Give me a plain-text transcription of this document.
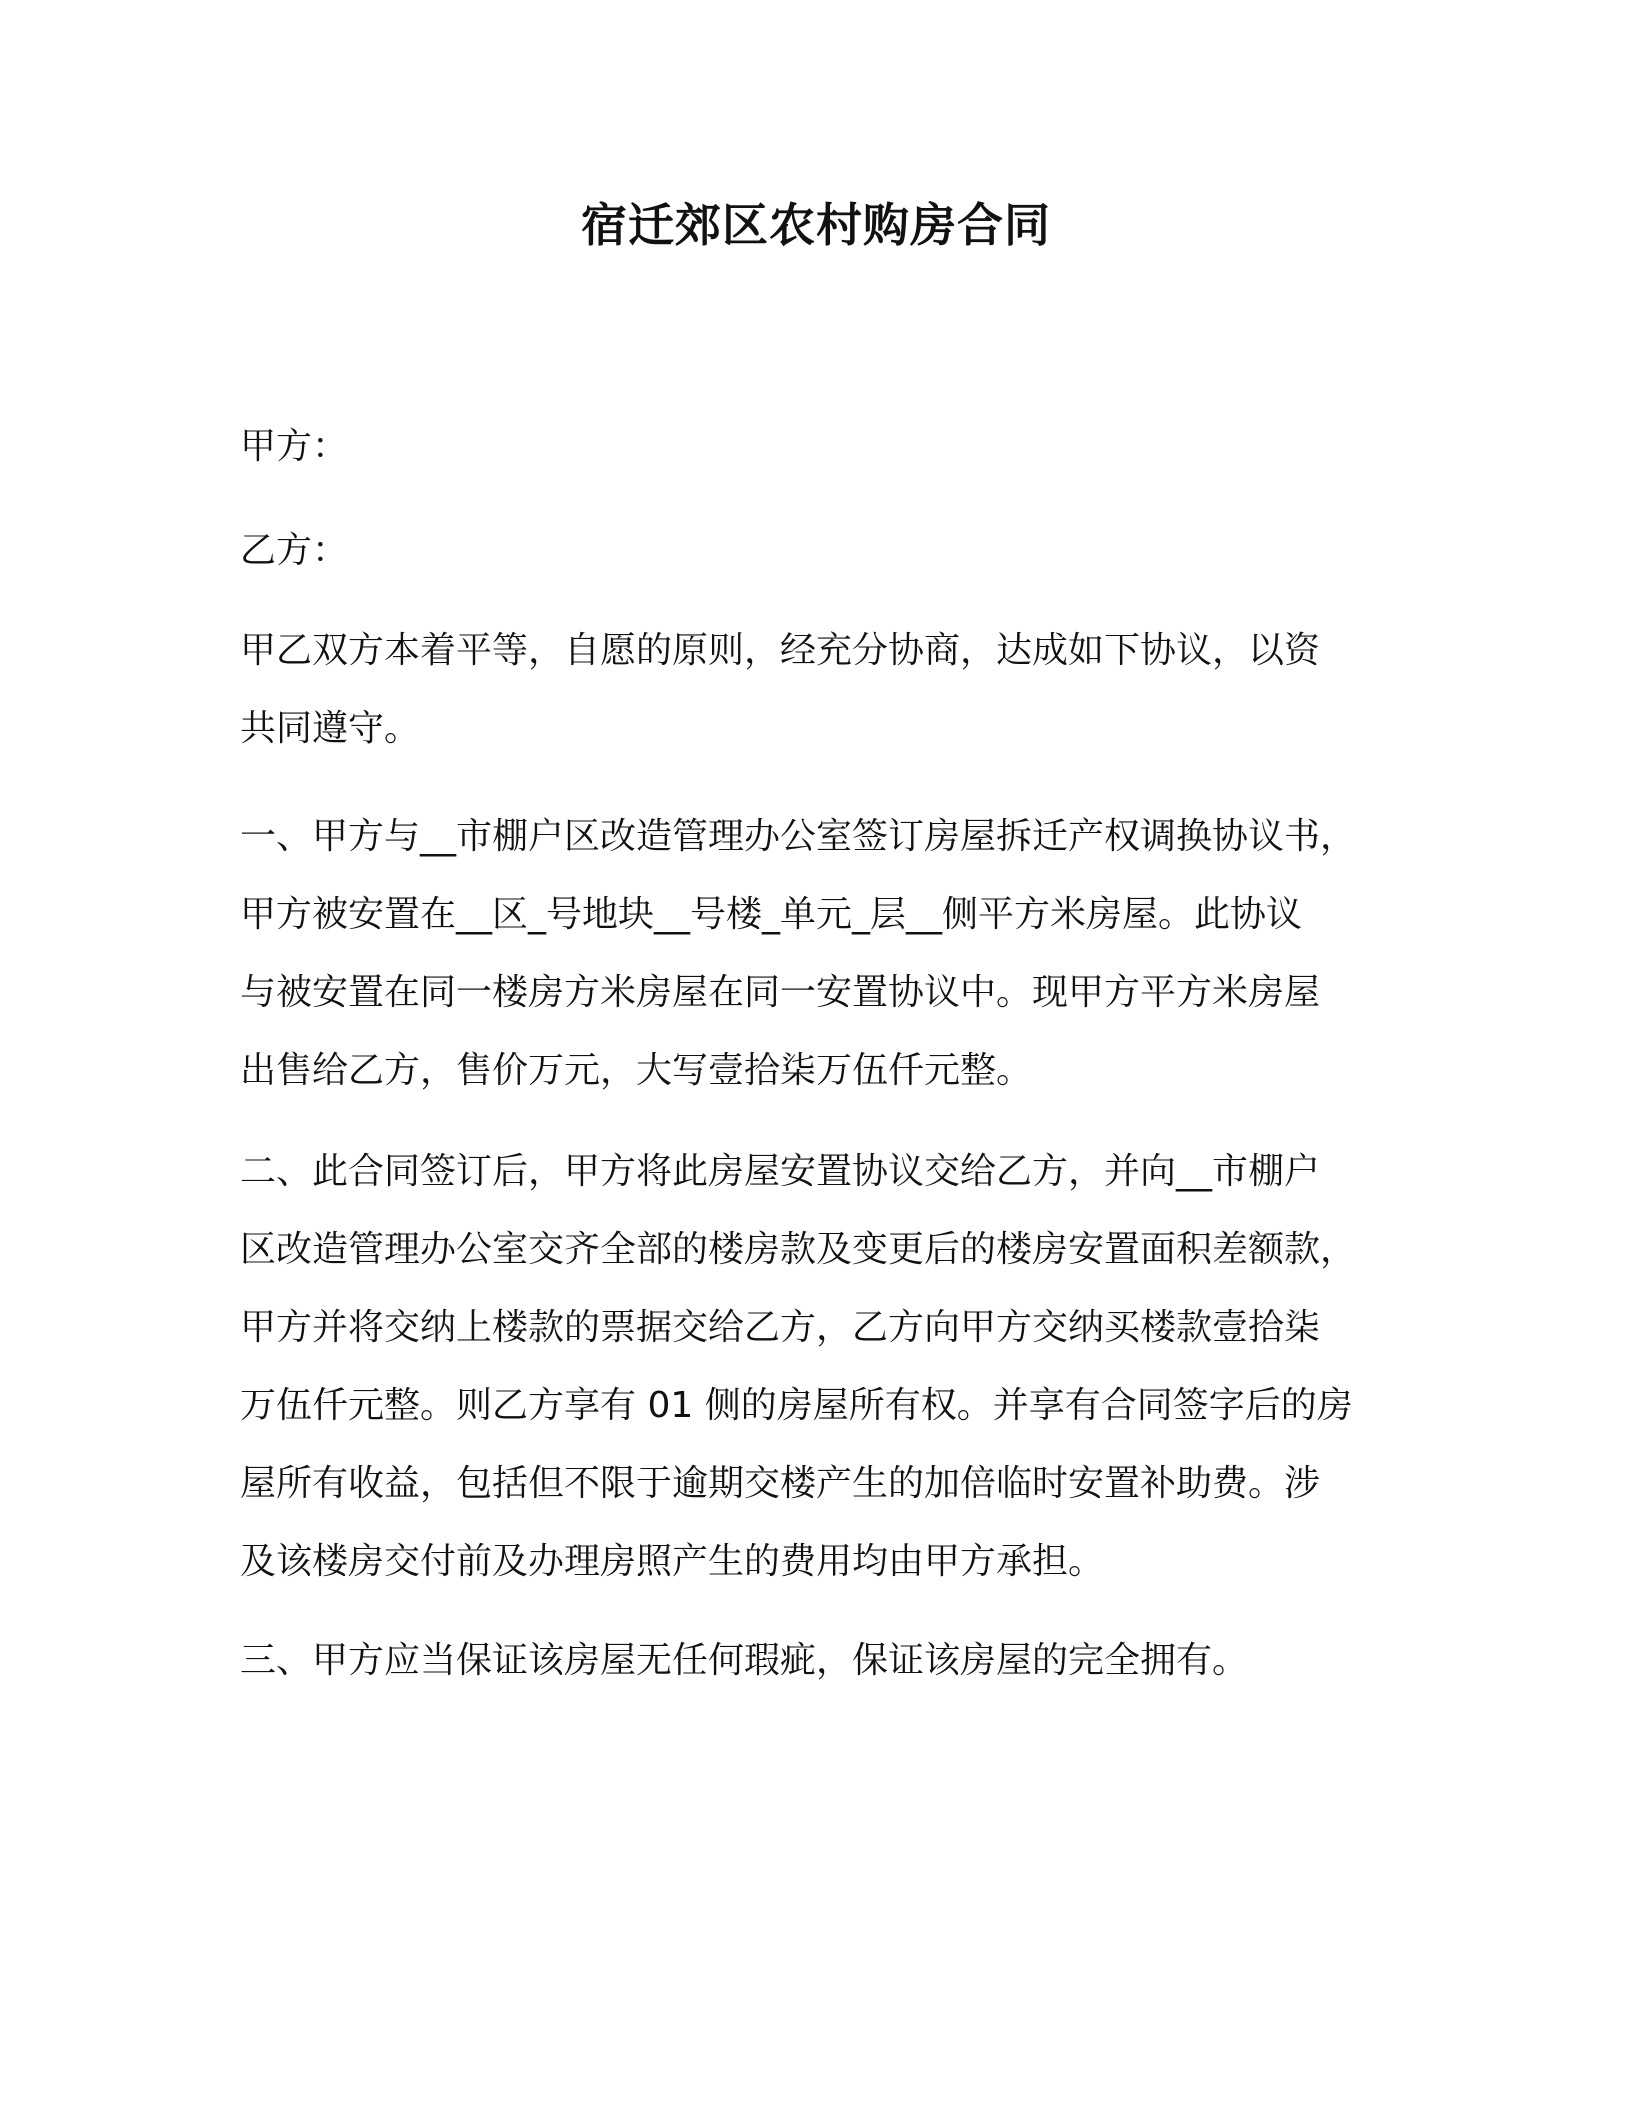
宿迁郊区农村购房合同

甲方：

乙方：

甲乙双方本着平等，自愿的原则，经充分协商，达成如下协议，以资
共同遵守。

一、甲方与__市棚户区改造管理办公室签订房屋拆迁产权调换协议书，
甲方被安置在__区_号地块__号楼_单元_层__侧平方米房屋。此协议
与被安置在同一楼房方米房屋在同一安置协议中。现甲方平方米房屋
出售给乙方，售价万元，大写壹拾柒万伍仟元整。

二、此合同签订后，甲方将此房屋安置协议交给乙方，并向__市棚户
区改造管理办公室交齐全部的楼房款及变更后的楼房安置面积差额款，
甲方并将交纳上楼款的票据交给乙方，乙方向甲方交纳买楼款壹拾柒
万伍仟元整。则乙方享有 01 侧的房屋所有权。并享有合同签字后的房
屋所有收益，包括但不限于逾期交楼产生的加倍临时安置补助费。涉
及该楼房交付前及办理房照产生的费用均由甲方承担。

三、甲方应当保证该房屋无任何瑕疵，保证该房屋的完全拥有。
